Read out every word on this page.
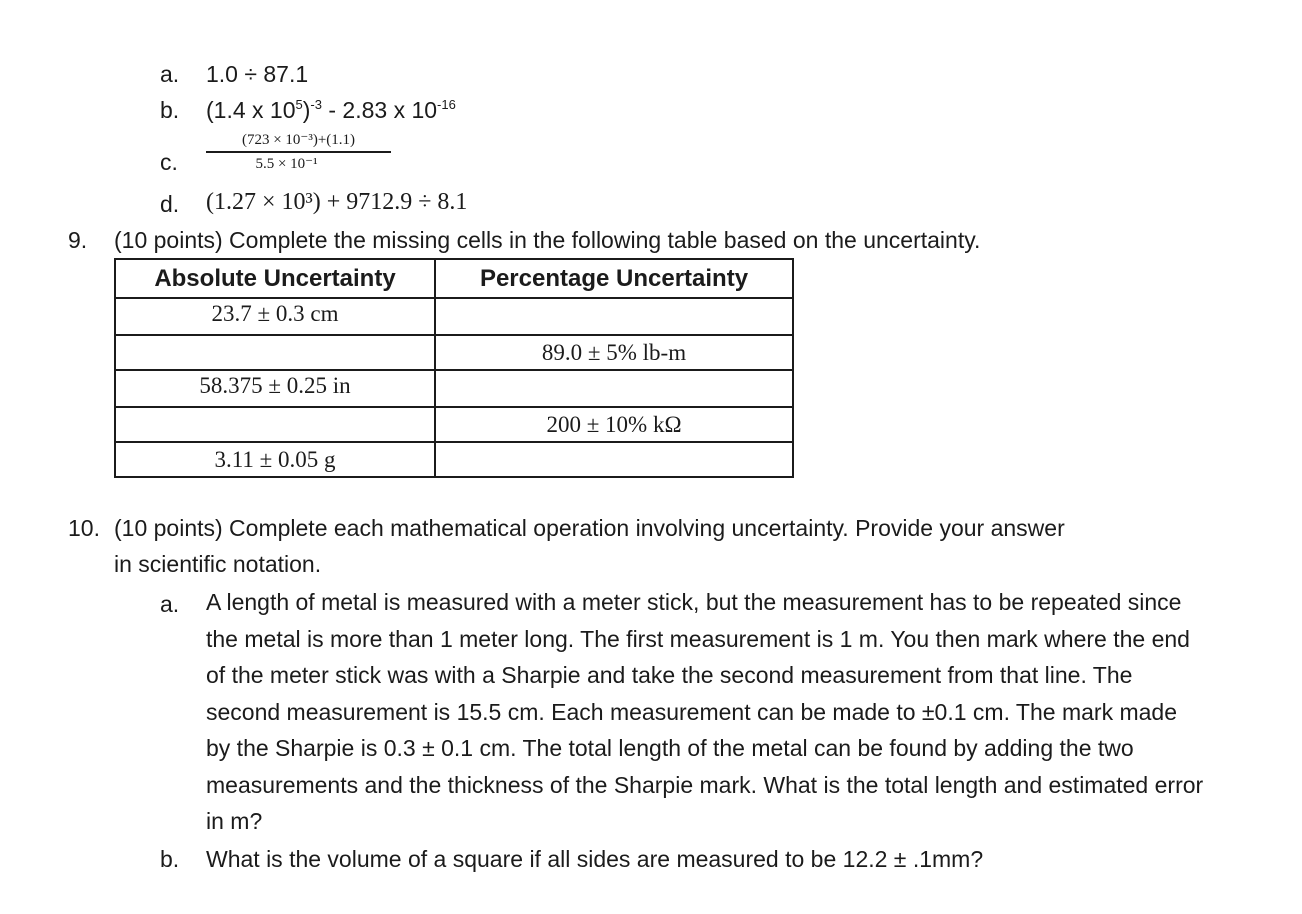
a. 1.0 ÷ 87.1
b. (1.4 x $10^5)^{-3} - 2.83$ x $10^{-16}$
c.
(723 × 10⁻³)+(1.1)
5.5 × 10⁻¹
d. (1.27 × 10³) + 9712.9 ÷ 8.1
9. (10 points) Complete the missing cells in the following table based on the uncertainty.
Absolute Uncertainty	Percentage Uncertainty
23.7 ± 0.3 cm	
	89.0 ± 5% lb-m
58.375 ± 0.25 in	
	200 ± 10% kΩ
3.11 ± 0.05 g	
10. (10 points) Complete each mathematical operation involving uncertainty. Provide your answer
in scientific notation.
a. A length of metal is measured with a meter stick, but the measurement has to be repeated since the metal is more than 1 meter long. The first measurement is 1 m. You then mark where the end of the meter stick was with a Sharpie and take the second measurement from that line. The second measurement is 15.5 cm. Each measurement can be made to ±0.1 cm. The mark made by the Sharpie is 0.3 ± 0.1 cm. The total length of the metal can be found by adding the two measurements and the thickness of the Sharpie mark. What is the total length and estimated error in m?
b. What is the volume of a square if all sides are measured to be 12.2 ± .1mm?
